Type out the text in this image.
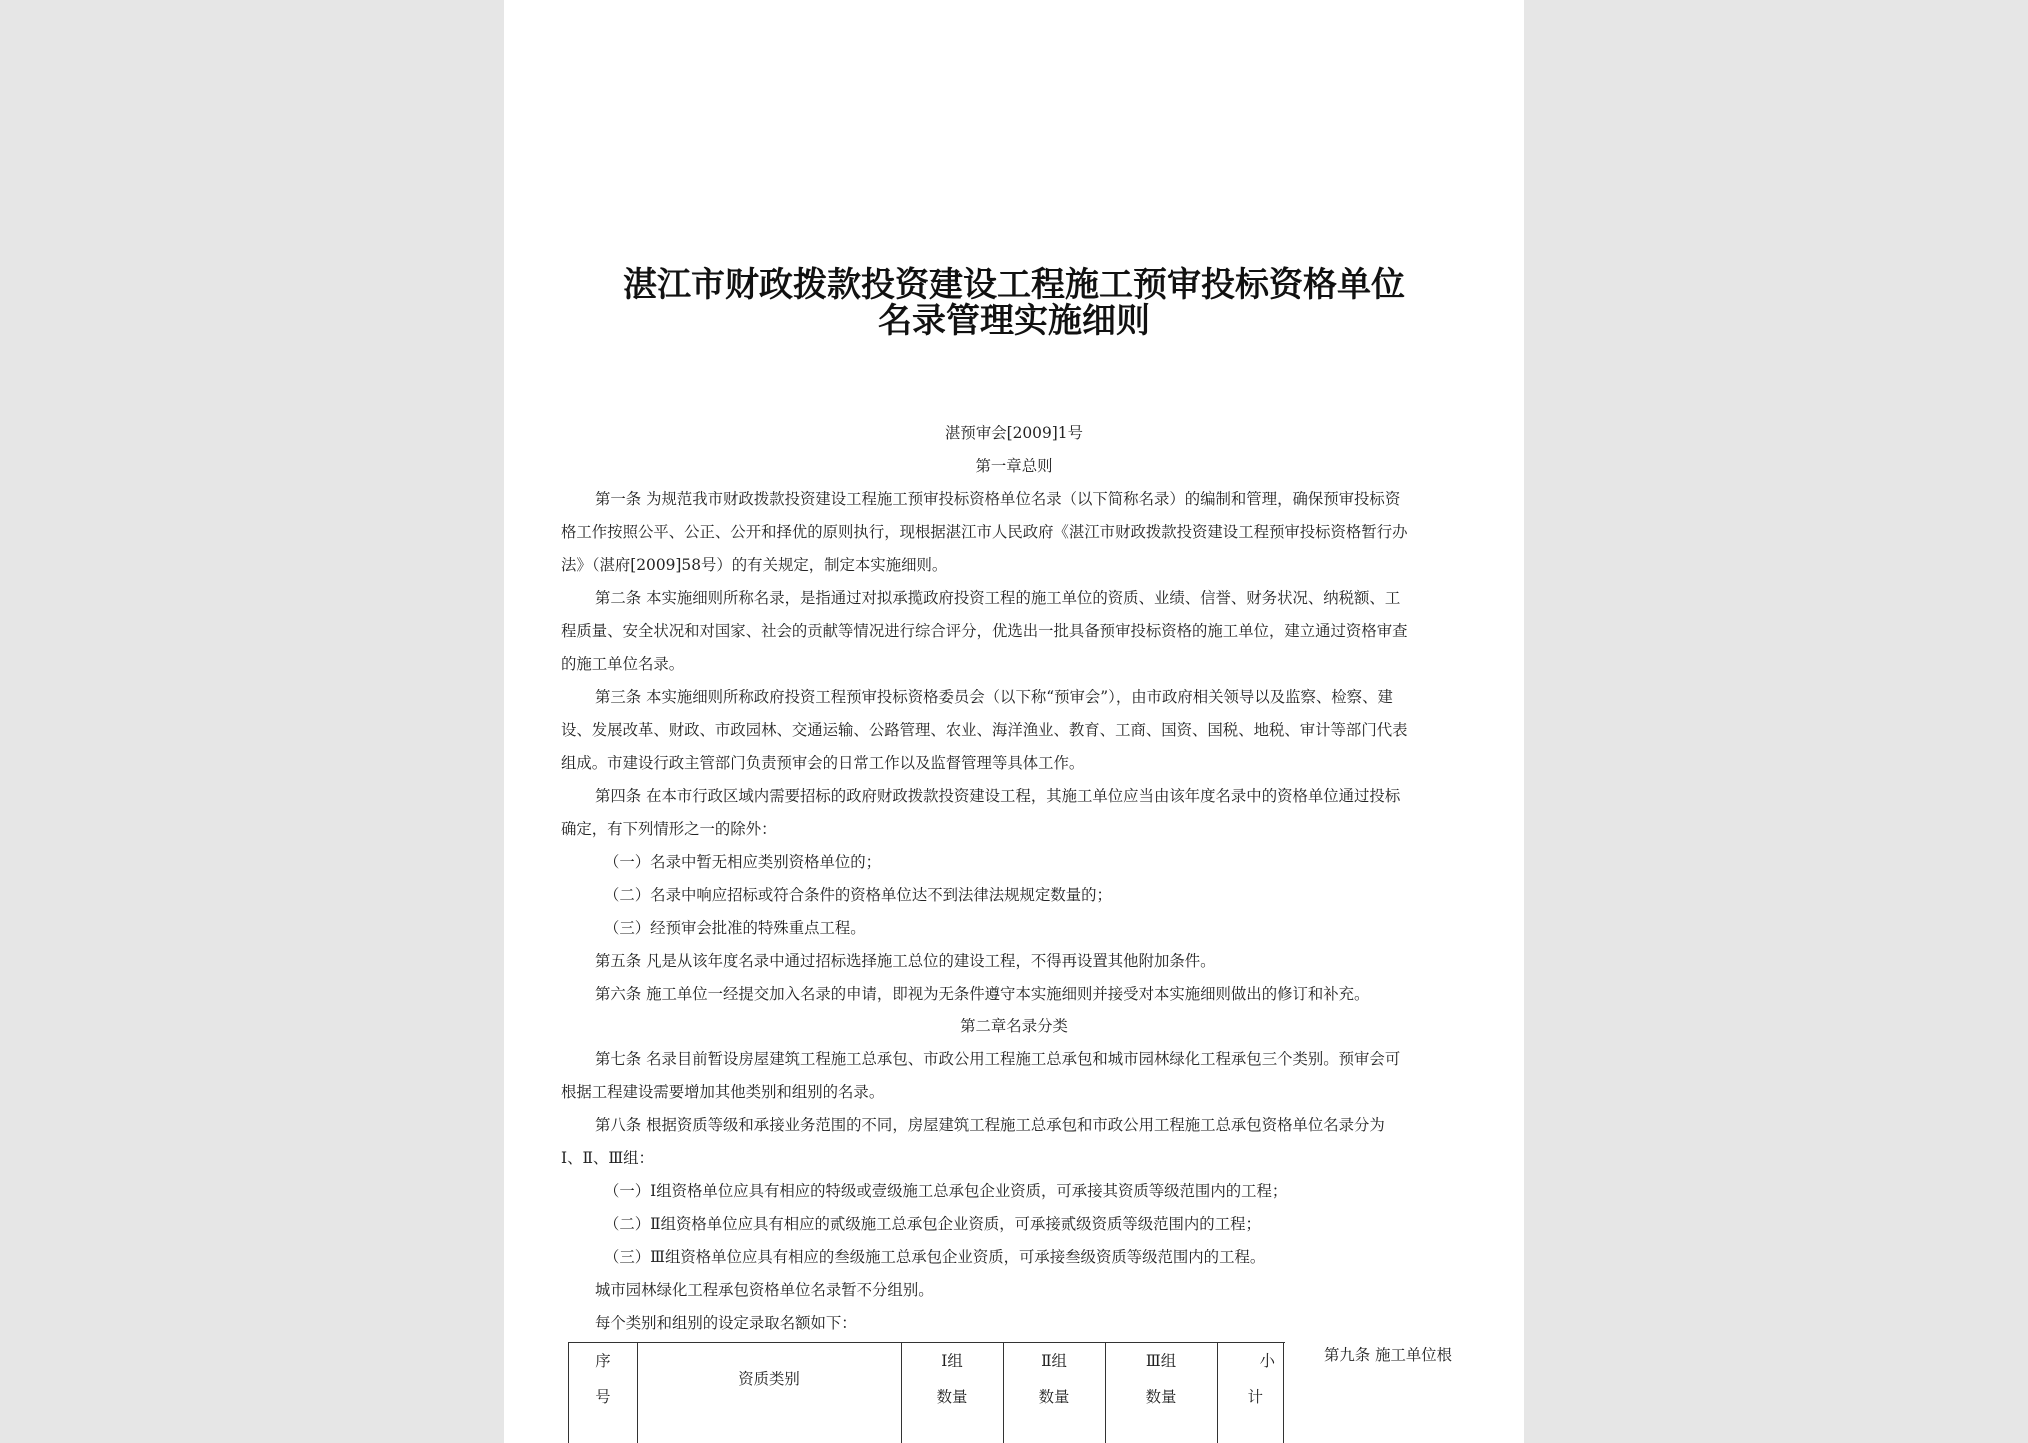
湛江市财政拨款投资建设工程施工预审投标资格单位
名录管理实施细则
湛预审会[2009]1号
第一章总则
第一条 为规范我市财政拨款投资建设工程施工预审投标资格单位名录（以下简称名录）的编制和管理，确保预审投标资
格工作按照公平、公正、公开和择优的原则执行，现根据湛江市人民政府《湛江市财政拨款投资建设工程预审投标资格暂行办
法》（湛府[2009]58号）的有关规定，制定本实施细则。
第二条 本实施细则所称名录，是指通过对拟承揽政府投资工程的施工单位的资质、业绩、信誉、财务状况、纳税额、工
程质量、安全状况和对国家、社会的贡献等情况进行综合评分，优选出一批具备预审投标资格的施工单位，建立通过资格审查
的施工单位名录。
第三条 本实施细则所称政府投资工程预审投标资格委员会（以下称“预审会”），由市政府相关领导以及监察、检察、建
设、发展改革、财政、市政园林、交通运输、公路管理、农业、海洋渔业、教育、工商、国资、国税、地税、审计等部门代表
组成。市建设行政主管部门负责预审会的日常工作以及监督管理等具体工作。
第四条 在本市行政区域内需要招标的政府财政拨款投资建设工程，其施工单位应当由该年度名录中的资格单位通过投标
确定，有下列情形之一的除外：
（一）名录中暂无相应类别资格单位的；
（二）名录中响应招标或符合条件的资格单位达不到法律法规规定数量的；
（三）经预审会批准的特殊重点工程。
第五条 凡是从该年度名录中通过招标选择施工总位的建设工程，不得再设置其他附加条件。
第六条 施工单位一经提交加入名录的申请，即视为无条件遵守本实施细则并接受对本实施细则做出的修订和补充。
第二章名录分类
第七条 名录目前暂设房屋建筑工程施工总承包、市政公用工程施工总承包和城市园林绿化工程承包三个类别。预审会可
根据工程建设需要增加其他类别和组别的名录。
第八条 根据资质等级和承接业务范围的不同，房屋建筑工程施工总承包和市政公用工程施工总承包资格单位名录分为
Ⅰ、Ⅱ、Ⅲ组：
（一）Ⅰ组资格单位应具有相应的特级或壹级施工总承包企业资质，可承接其资质等级范围内的工程；
（二）Ⅱ组资格单位应具有相应的贰级施工总承包企业资质，可承接贰级资质等级范围内的工程；
（三）Ⅲ组资格单位应具有相应的叁级施工总承包企业资质，可承接叁级资质等级范围内的工程。
城市园林绿化工程承包资格单位名录暂不分组别。
每个类别和组别的设定录取名额如下：
序
号
资质类别
Ⅰ组
数量
Ⅱ组
数量
Ⅲ组
数量
小
计
第九条 施工单位根
